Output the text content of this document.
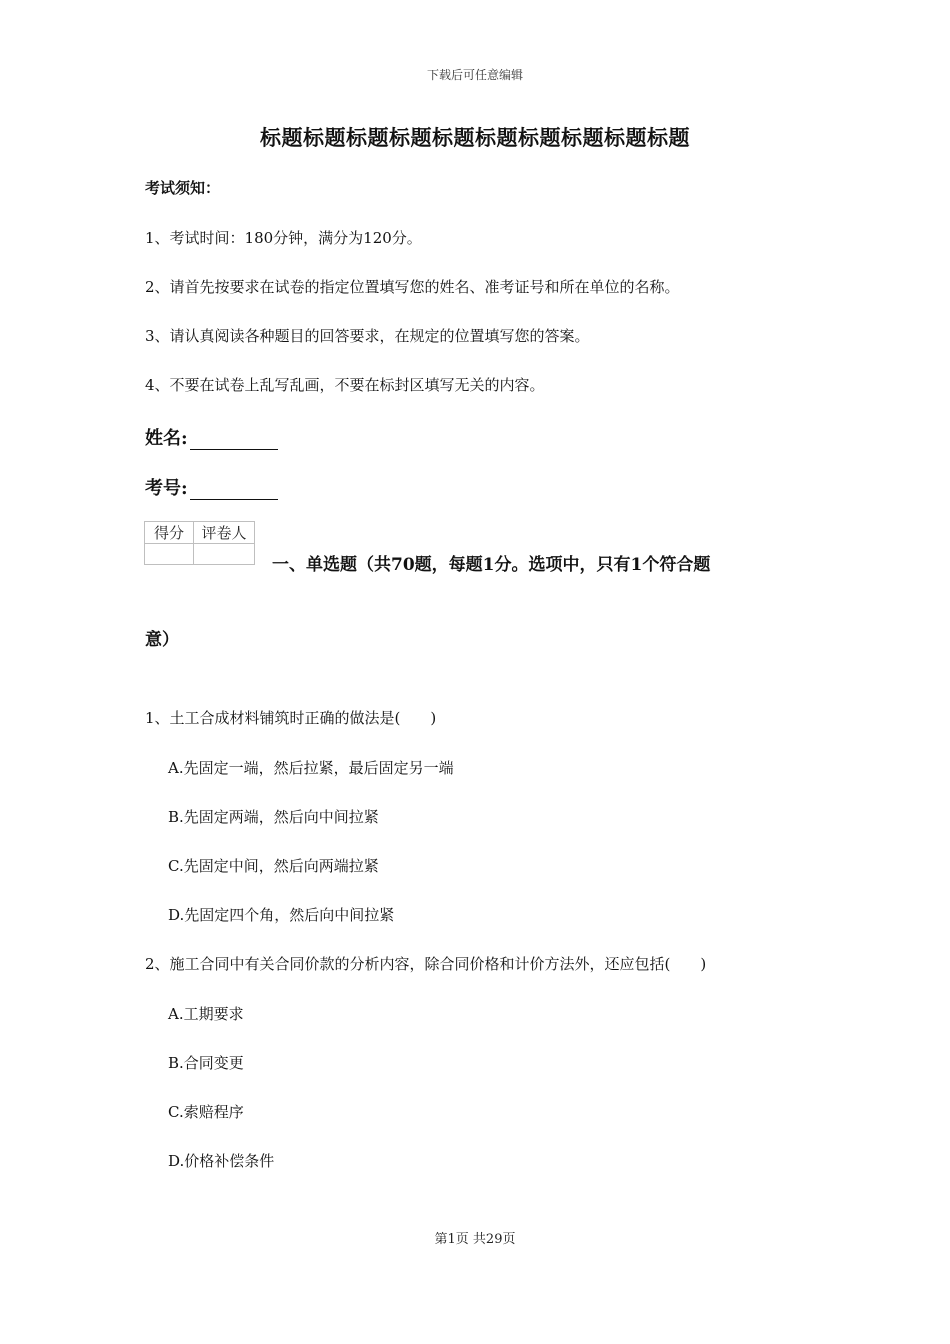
下载后可任意编辑
标题标题标题标题标题标题标题标题标题标题
考试须知：
1、考试时间：180分钟，满分为120分。
2、请首先按要求在试卷的指定位置填写您的姓名、准考证号和所在单位的名称。
3、请认真阅读各种题目的回答要求，在规定的位置填写您的答案。
4、不要在试卷上乱写乱画，不要在标封区填写无关的内容。
姓名:
考号:
得分	评卷人

一、单选题（共70题，每题1分。选项中，只有1个符合题
意）
1、土工合成材料铺筑时正确的做法是(　　)
A.先固定一端，然后拉紧，最后固定另一端
B.先固定两端，然后向中间拉紧
C.先固定中间，然后向两端拉紧
D.先固定四个角，然后向中间拉紧
2、施工合同中有关合同价款的分析内容，除合同价格和计价方法外，还应包括(　　)
A.工期要求
B.合同变更
C.索赔程序
D.价格补偿条件
第1页 共29页
